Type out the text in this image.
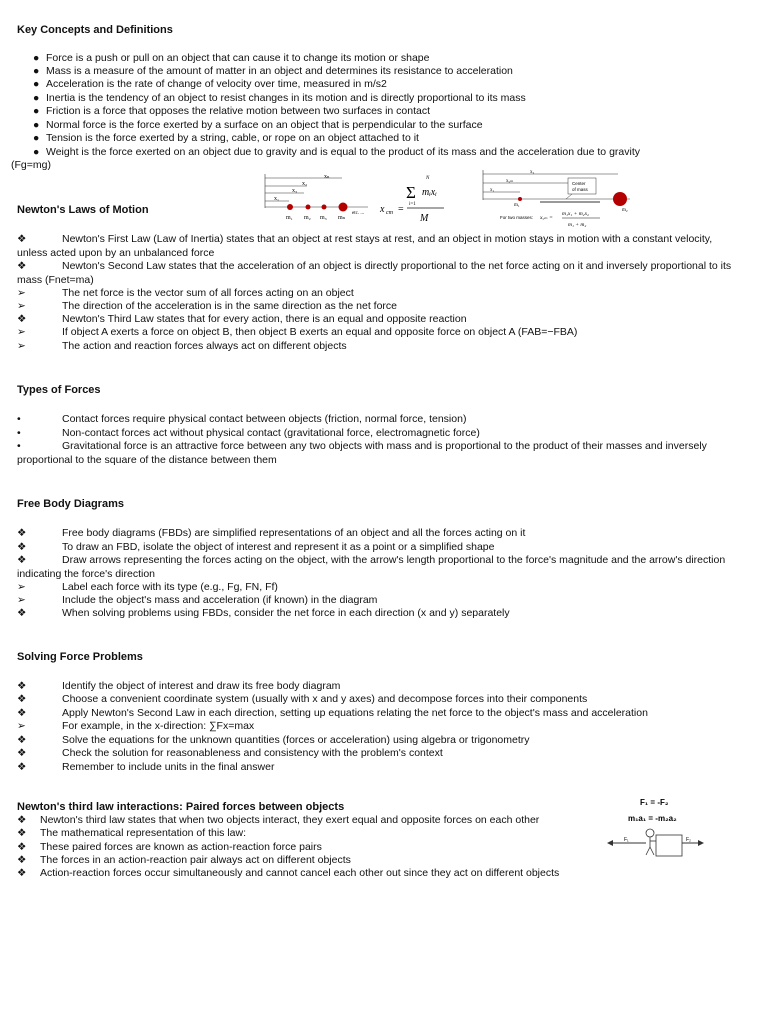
Key Concepts and Definitions
● Force is a push or pull on an object that can cause it to change its motion or shape
● Mass is a measure of the amount of matter in an object and determines its resistance to acceleration
● Acceleration is the rate of change of velocity over time, measured in m/s2
● Inertia is the tendency of an object to resist changes in its motion and is directly proportional to its mass
● Friction is a force that opposes the relative motion between two surfaces in contact
● Normal force is the force exerted by a surface on an object that is perpendicular to the surface
● Tension is the force exerted by a string, cable, or rope on an object attached to it
● Weight is the force exerted on an object due to gravity and is equal to the product of its mass and the acceleration due to gravity
(Fg=mg)
xₙ
x₂
x₃
x₁
m₁ m₂ m₃ mₙ
etc. ... x cm =
N
Σ mᵢxᵢ
i=1
M
x₂
x꜀ₘ
x₁
Center
of mass
m₁
m₂
For two masses: x꜀ₘ =
m₁x₁ + m₂x₂
m₁ + m₂
Newton's Laws of Motion
❖	Newton's First Law (Law of Inertia) states that an object at rest stays at rest, and an object in motion stays in motion with a constant velocity, unless acted upon by an unbalanced force
❖	Newton's Second Law states that the acceleration of an object is directly proportional to the net force acting on it and inversely proportional to its mass (Fnet=ma)
➢	The net force is the vector sum of all forces acting on an object
➢	The direction of the acceleration is in the same direction as the net force
❖	Newton's Third Law states that for every action, there is an equal and opposite reaction
➢	If object A exerts a force on object B, then object B exerts an equal and opposite force on object A (FAB=−FBA)
➢	The action and reaction forces always act on different objects
Types of Forces
•	Contact forces require physical contact between objects (friction, normal force, tension)
•	Non-contact forces act without physical contact (gravitational force, electromagnetic force)
•	Gravitational force is an attractive force between any two objects with mass and is proportional to the product of their masses and inversely proportional to the square of the distance between them
Free Body Diagrams
❖	Free body diagrams (FBDs) are simplified representations of an object and all the forces acting on it
❖	To draw an FBD, isolate the object of interest and represent it as a point or a simplified shape
❖	Draw arrows representing the forces acting on the object, with the arrow's length proportional to the force's magnitude and the arrow's direction indicating the force's direction
➢	Label each force with its type (e.g., Fg, FN, Ff)
➢	Include the object's mass and acceleration (if known) in the diagram
❖	When solving problems using FBDs, consider the net force in each direction (x and y) separately
Solving Force Problems
❖	Identify the object of interest and draw its free body diagram
❖	Choose a convenient coordinate system (usually with x and y axes) and decompose forces into their components
❖	Apply Newton's Second Law in each direction, setting up equations relating the net force to the object's mass and acceleration
➢	For example, in the x-direction: ∑Fx=max
❖	Solve the equations for the unknown quantities (forces or acceleration) using algebra or trigonometry
❖	Check the solution for reasonableness and consistency with the problem's context
❖	Remember to include units in the final answer
Newton's third law interactions: Paired forces between objects
❖ Newton's third law states that when two objects interact, they exert equal and opposite forces on each other
❖ The mathematical representation of this law:
❖ These paired forces are known as action-reaction force pairs
❖ The forces in an action-reaction pair always act on different objects
❖ Action-reaction forces occur simultaneously and cannot cancel each other out since they act on different objects
F₁ = -F₂
m₁a₁ = -m₂a₂
F₁	F₂
